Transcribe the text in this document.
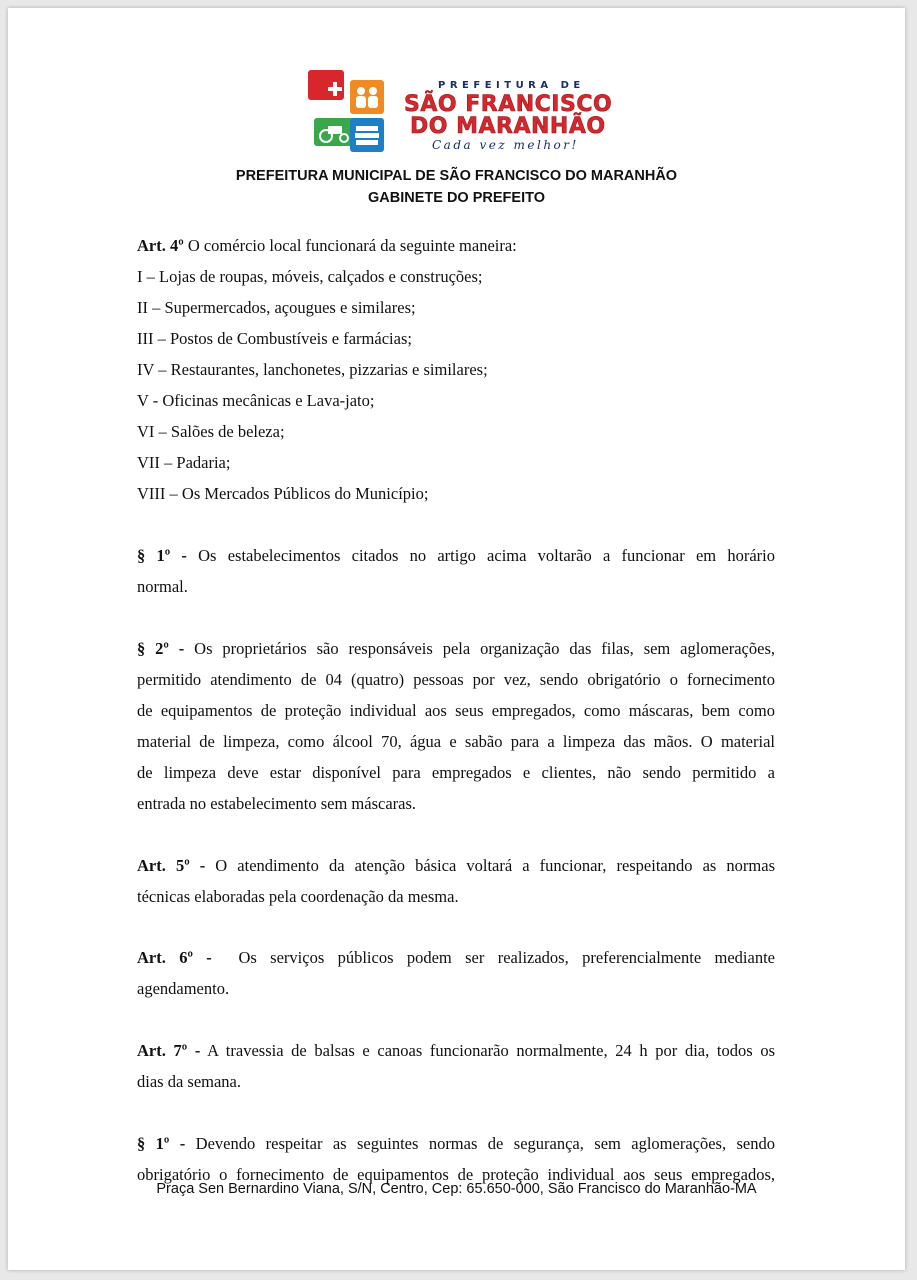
PREFEITURA DE
SÃO FRANCISCO
DO MARANHÃO
Cada vez melhor!
PREFEITURA MUNICIPAL DE SÃO FRANCISCO DO MARANHÃO
GABINETE DO PREFEITO
Art. 4º O comércio local funcionará da seguinte maneira:
I – Lojas de roupas, móveis, calçados e construções;
II – Supermercados, açougues e similares;
III – Postos de Combustíveis e farmácias;
IV – Restaurantes, lanchonetes, pizzarias e similares;
V - Oficinas mecânicas e Lava-jato;
VI – Salões de beleza;
VII – Padaria;
VIII – Os Mercados Públicos do Município;
§ 1º - Os estabelecimentos citados no artigo acima voltarão a funcionar em horário
normal.
§ 2º - Os proprietários são responsáveis pela organização das filas, sem aglomerações,
permitido atendimento de 04 (quatro) pessoas por vez, sendo obrigatório o fornecimento
de equipamentos de proteção individual aos seus empregados, como máscaras, bem como
material de limpeza, como álcool 70, água e sabão para a limpeza das mãos. O material
de limpeza deve estar disponível para empregados e clientes, não sendo permitido a
entrada no estabelecimento sem máscaras.
Art. 5º - O atendimento da atenção básica voltará a funcionar, respeitando as normas
técnicas elaboradas pela coordenação da mesma.
Art. 6º -  Os serviços públicos podem ser realizados, preferencialmente mediante
agendamento.
Art. 7º - A travessia de balsas e canoas funcionarão normalmente, 24 h por dia, todos os
dias da semana.
§ 1º - Devendo respeitar as seguintes normas de segurança, sem aglomerações, sendo
obrigatório o fornecimento de equipamentos de proteção individual aos seus empregados,
Praça Sen Bernardino Viana, S/N, Centro, Cep: 65.650-000, São Francisco do Maranhão-MA
